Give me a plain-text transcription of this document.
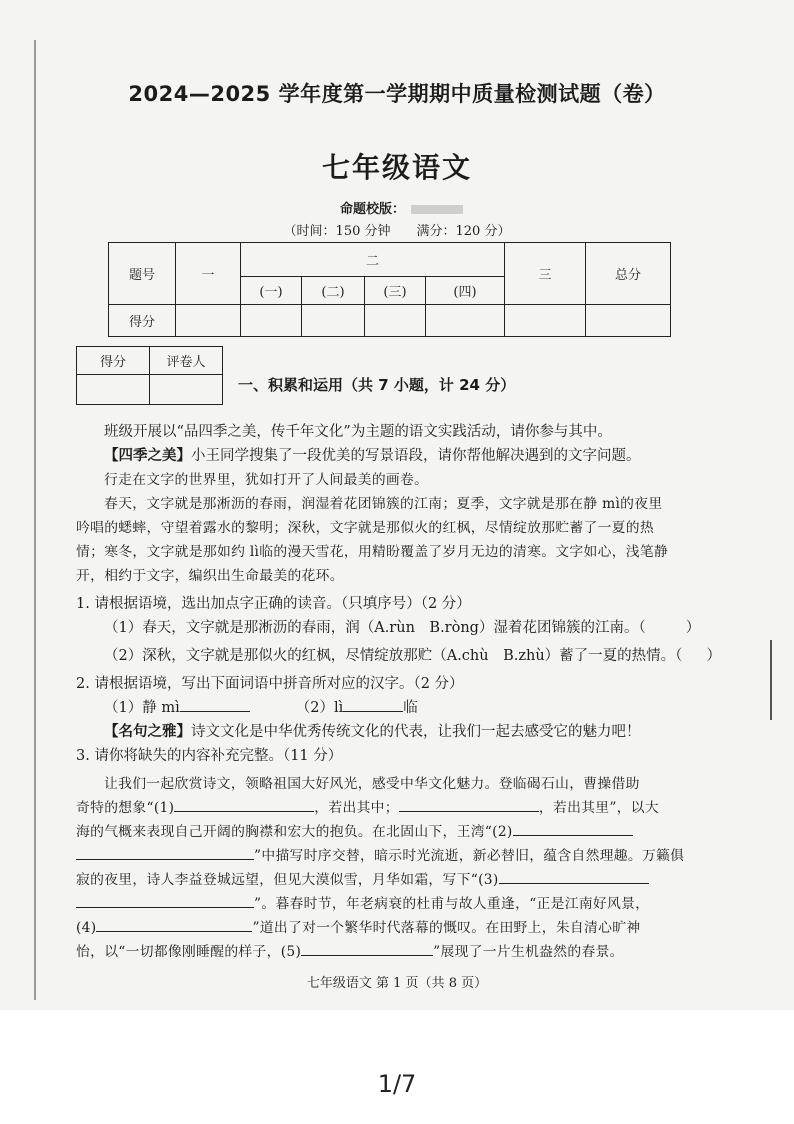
2024—2025 学年度第一学期期中质量检测试题（卷）
七年级语文
命题校版：
（时间：150 分钟　　满分：120 分）
题号	一	二				三	总分
		(一)	(二)	(三)	(四)		
得分							
得分	评卷人

一、积累和运用（共 7 小题，计 24 分）
班级开展以“品四季之美，传千年文化”为主题的语文实践活动，请你参与其中。
【四季之美】小王同学搜集了一段优美的写景语段，请你帮他解决遇到的文字问题。
行走在文字的世界里，犹如打开了人间最美的画卷。
春天，文字就是那淅沥的春雨，润湿着花团锦簇的江南；夏季，文字就是那在静 mì的夜里
吟唱的蟋蟀，守望着露水的黎明；深秋，文字就是那似火的红枫，尽情绽放那贮蓄了一夏的热
情；寒冬，文字就是那如约 lì临的漫天雪花，用精盼覆盖了岁月无边的清寒。文字如心，浅笔静
开，相约于文字，编织出生命最美的花环。
1. 请根据语境，选出加点字正确的读音。（只填序号）（2 分）
（1）春天，文字就是那淅沥的春雨，润（A.rùn　B.ròng）湿着花团锦簇的江南。（	）
（2）深秋，文字就是那似火的红枫，尽情绽放那贮（A.chù　B.zhù）蓄了一夏的热情。（ ）
2. 请根据语境，写出下面词语中拼音所对应的汉字。（2 分）
（1）静 mì	（2）lì	临
【名句之雅】诗文文化是中华优秀传统文化的代表，让我们一起去感受它的魅力吧！
3. 请你将缺失的内容补充完整。（11 分）
让我们一起欣赏诗文，领略祖国大好风光，感受中华文化魅力。登临碣石山，曹操借助
奇特的想象“(1)	，若出其中；	，若出其里”，以大
海的气概来表现自己开阔的胸襟和宏大的抱负。在北固山下，王湾“(2)
”中描写时序交替，暗示时光流逝，新必替旧，蕴含自然理趣。万籁俱
寂的夜里，诗人李益登城远望，但见大漠似雪，月华如霜，写下“(3)
”。暮春时节，年老病衰的杜甫与故人重逢，“正是江南好风景，
(4)	”道出了对一个繁华时代落幕的慨叹。在田野上，朱自清心旷神
怡，以“一切都像刚睡醒的样子，(5)	”展现了一片生机盎然的春景。
七年级语文 第 1 页（共 8 页）
1/7
